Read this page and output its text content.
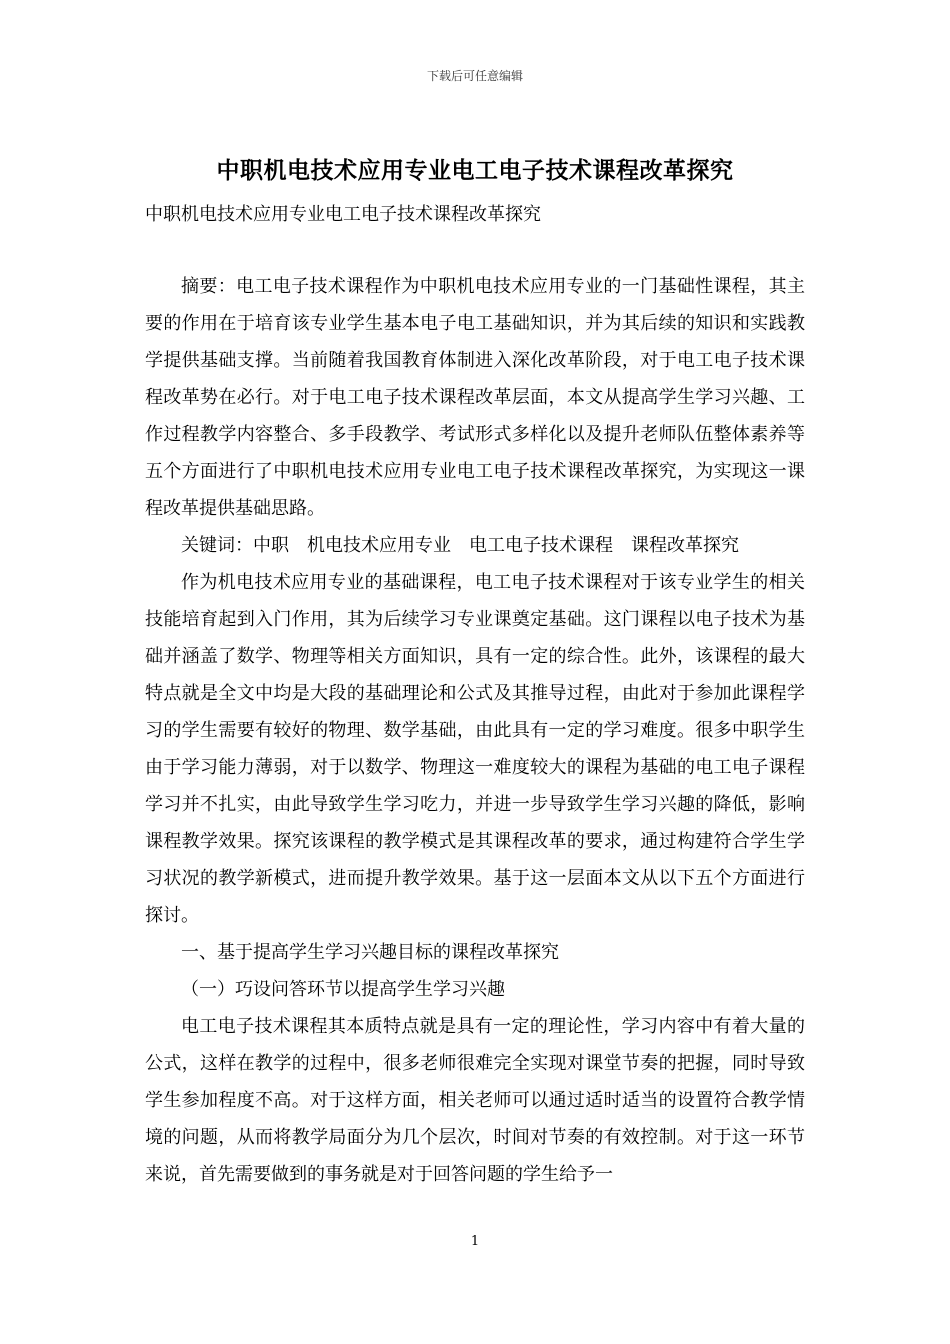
下载后可任意编辑
中职机电技术应用专业电工电子技术课程改革探究
中职机电技术应用专业电工电子技术课程改革探究

摘要：电工电子技术课程作为中职机电技术应用专业的一门基础性课程，其主要的作用在于培育该专业学生基本电子电工基础知识，并为其后续的知识和实践教学提供基础支撑。当前随着我国教育体制进入深化改革阶段，对于电工电子技术课程改革势在必行。对于电工电子技术课程改革层面，本文从提高学生学习兴趣、工作过程教学内容整合、多手段教学、考试形式多样化以及提升老师队伍整体素养等五个方面进行了中职机电技术应用专业电工电子技术课程改革探究，为实现这一课程改革提供基础思路。

关键词：中职　机电技术应用专业　电工电子技术课程　课程改革探究

作为机电技术应用专业的基础课程，电工电子技术课程对于该专业学生的相关技能培育起到入门作用，其为后续学习专业课奠定基础。这门课程以电子技术为基础并涵盖了数学、物理等相关方面知识，具有一定的综合性。此外，该课程的最大特点就是全文中均是大段的基础理论和公式及其推导过程，由此对于参加此课程学习的学生需要有较好的物理、数学基础，由此具有一定的学习难度。很多中职学生由于学习能力薄弱，对于以数学、物理这一难度较大的课程为基础的电工电子课程学习并不扎实，由此导致学生学习吃力，并进一步导致学生学习兴趣的降低，影响课程教学效果。探究该课程的教学模式是其课程改革的要求，通过构建符合学生学习状况的教学新模式，进而提升教学效果。基于这一层面本文从以下五个方面进行探讨。

一、基于提高学生学习兴趣目标的课程改革探究

（一）巧设问答环节以提高学生学习兴趣

电工电子技术课程其本质特点就是具有一定的理论性，学习内容中有着大量的公式，这样在教学的过程中，很多老师很难完全实现对课堂节奏的把握，同时导致学生参加程度不高。对于这样方面，相关老师可以通过适时适当的设置符合教学情境的问题，从而将教学局面分为几个层次，时间对节奏的有效控制。对于这一环节来说，首先需要做到的事务就是对于回答问题的学生给予一

1
